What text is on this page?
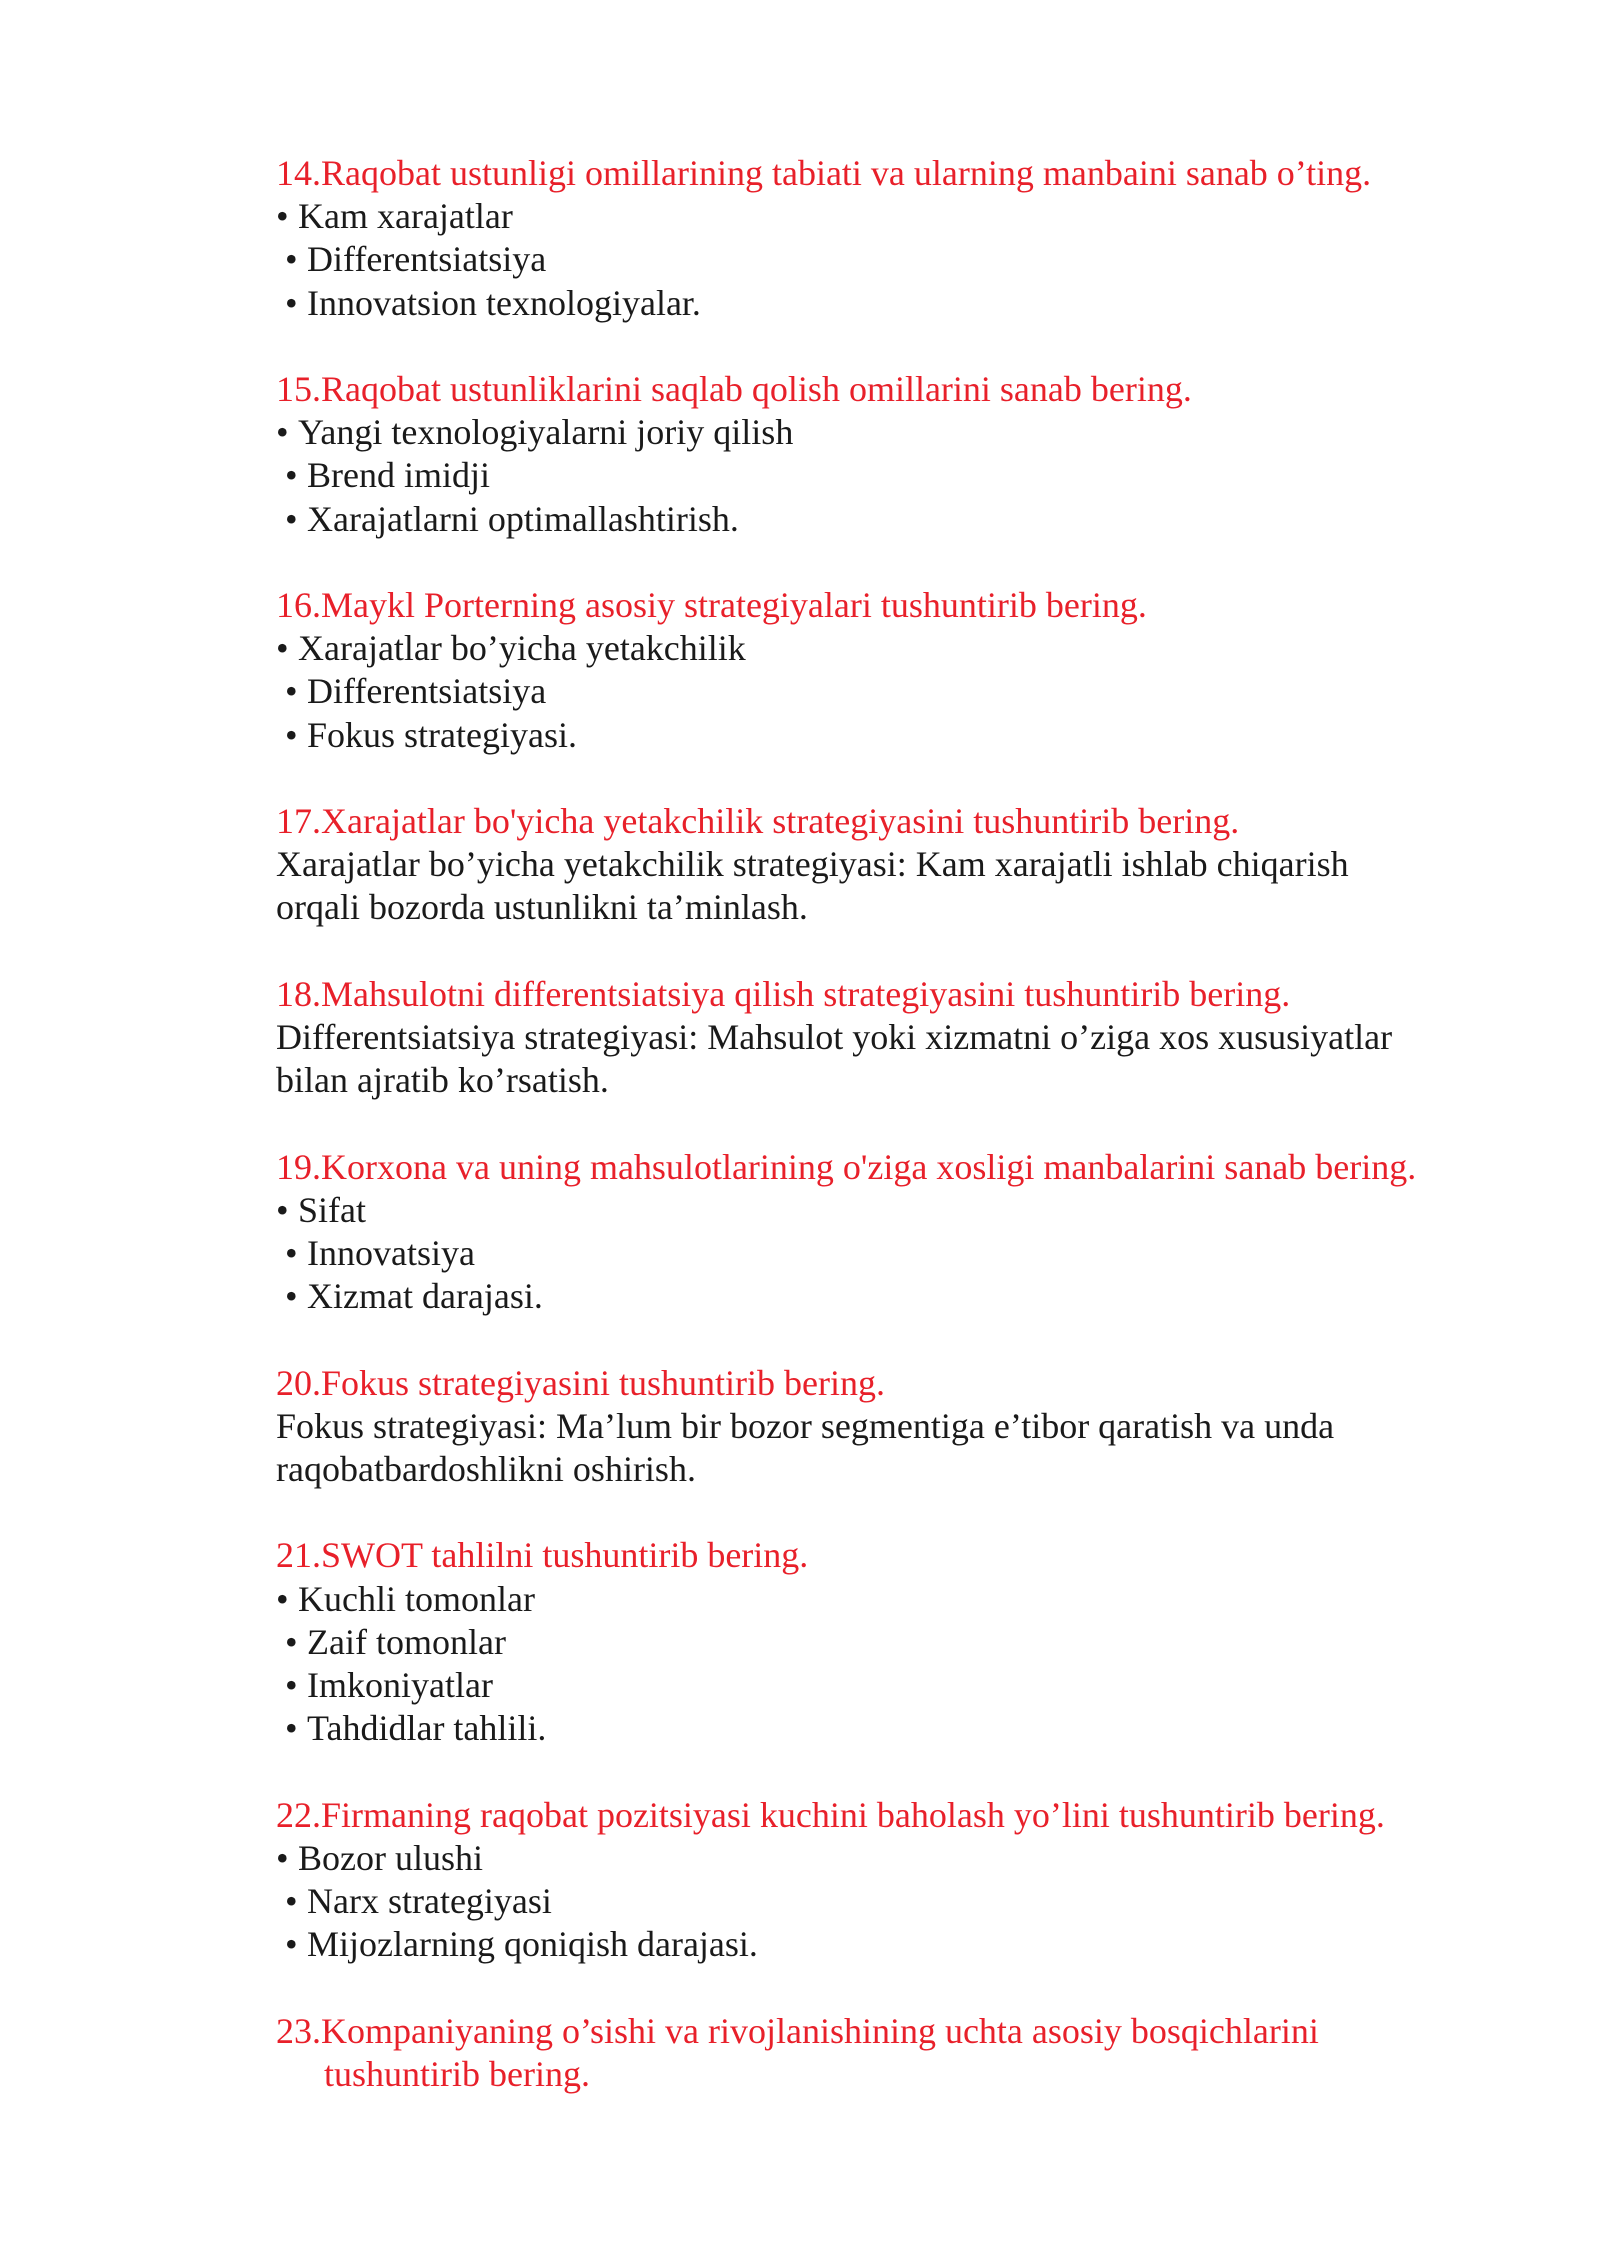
14.Raqobat ustunligi omillarining tabiati va ularning manbaini sanab o’ting.

• Kam xarajatlar
• Differentsiatsiya
• Innovatsion texnologiyalar.

15.Raqobat ustunliklarini saqlab qolish omillarini sanab bering.

• Yangi texnologiyalarni joriy qilish
• Brend imidji
• Xarajatlarni optimallashtirish.

16.Maykl Porterning asosiy strategiyalari tushuntirib bering.

• Xarajatlar bo’yicha yetakchilik
• Differentsiatsiya
• Fokus strategiyasi.

17.Xarajatlar bo'yicha yetakchilik strategiyasini tushuntirib bering.

Xarajatlar bo’yicha yetakchilik strategiyasi: Kam xarajatli ishlab chiqarish
orqali bozorda ustunlikni ta’minlash.

18.Mahsulotni differentsiatsiya qilish strategiyasini tushuntirib bering.

Differentsiatsiya strategiyasi: Mahsulot yoki xizmatni o’ziga xos xususiyatlar
bilan ajratib ko’rsatish.

19.Korxona va uning mahsulotlarining o'ziga xosligi manbalarini sanab bering.

• Sifat
• Innovatsiya
• Xizmat darajasi.

20.Fokus strategiyasini tushuntirib bering.

Fokus strategiyasi: Ma’lum bir bozor segmentiga e’tibor qaratish va unda
raqobatbardoshlikni oshirish.

21.SWOT tahlilni tushuntirib bering.

• Kuchli tomonlar
• Zaif tomonlar
• Imkoniyatlar
• Tahdidlar tahlili.

22.Firmaning raqobat pozitsiyasi kuchini baholash yo’lini tushuntirib bering.

• Bozor ulushi
• Narx strategiyasi
• Mijozlarning qoniqish darajasi.

23.Kompaniyaning o’sishi va rivojlanishining uchta asosiy bosqichlarini tushuntirib bering.
